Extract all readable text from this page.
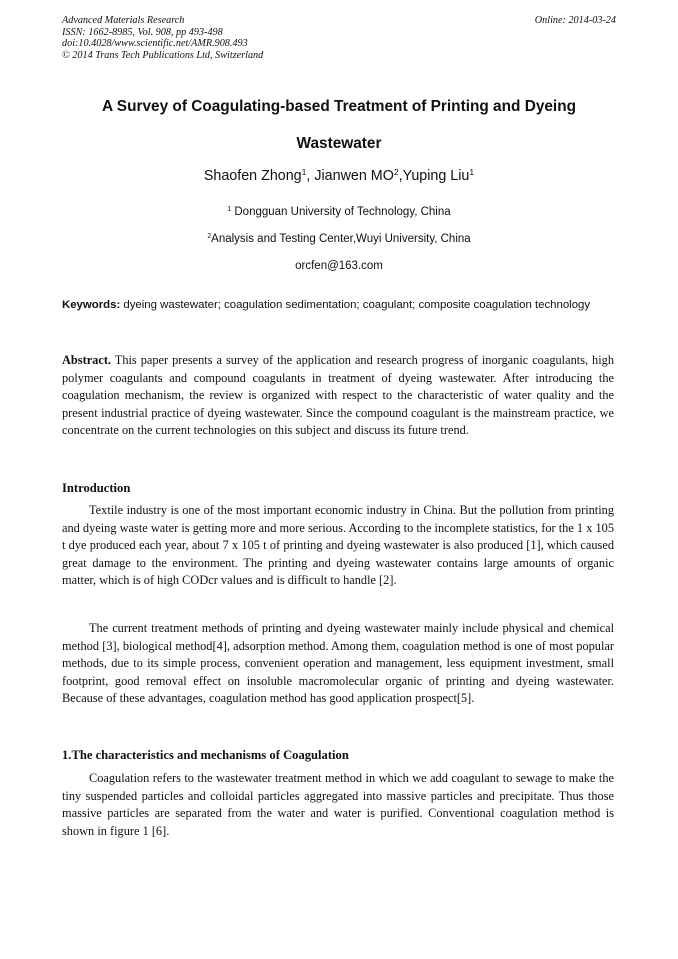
Advanced Materials Research
ISSN: 1662-8985, Vol. 908, pp 493-498
doi:10.4028/www.scientific.net/AMR.908.493
© 2014 Trans Tech Publications Ltd, Switzerland
Online: 2014-03-24
A Survey of Coagulating-based Treatment of Printing and Dyeing
Wastewater
Shaofen Zhong$^1$, Jianwen $MO^2,Yuping$ Liu$^1$
$^1$ Dongguan University of Technology, China
$^2$Analysis and Testing Center,Wuyi University, China
orcfen@163.com
Keywords: dyeing wastewater; coagulation sedimentation; coagulant; composite coagulation technology
Abstract. This paper presents a survey of the application and research progress of inorganic coagulants, high polymer coagulants and compound coagulants in treatment of dyeing wastewater. After introducing the coagulation mechanism, the review is organized with respect to the characteristic of water quality and the present industrial practice of dyeing wastewater. Since the compound coagulant is the mainstream practice, we concentrate on the current technologies on this subject and discuss its future trend.
Introduction
Textile industry is one of the most important economic industry in China. But the pollution from printing and dyeing waste water is getting more and more serious. According to the incomplete statistics, for the 1 x 105 t dye produced each year, about 7 x 105 t of printing and dyeing wastewater is also produced [1], which caused great damage to the environment. The printing and dyeing wastewater contains large amounts of organic matter, which is of high CODcr values and is difficult to handle [2].
The current treatment methods of printing and dyeing wastewater mainly include physical and chemical method [3], biological method[4], adsorption method. Among them, coagulation method is one of most popular methods, due to its simple process, convenient operation and management, less equipment investment, small footprint, good removal effect on insoluble macromolecular organic of printing and dyeing wastewater. Because of these advantages, coagulation method has good application prospect[5].
1.The characteristics and mechanisms of Coagulation
Coagulation refers to the wastewater treatment method in which we add coagulant to sewage to make the tiny suspended particles and colloidal particles aggregated into massive particles and precipitate. Thus those massive particles are separated from the water and water is purified. Conventional coagulation method is shown in figure 1 [6].
